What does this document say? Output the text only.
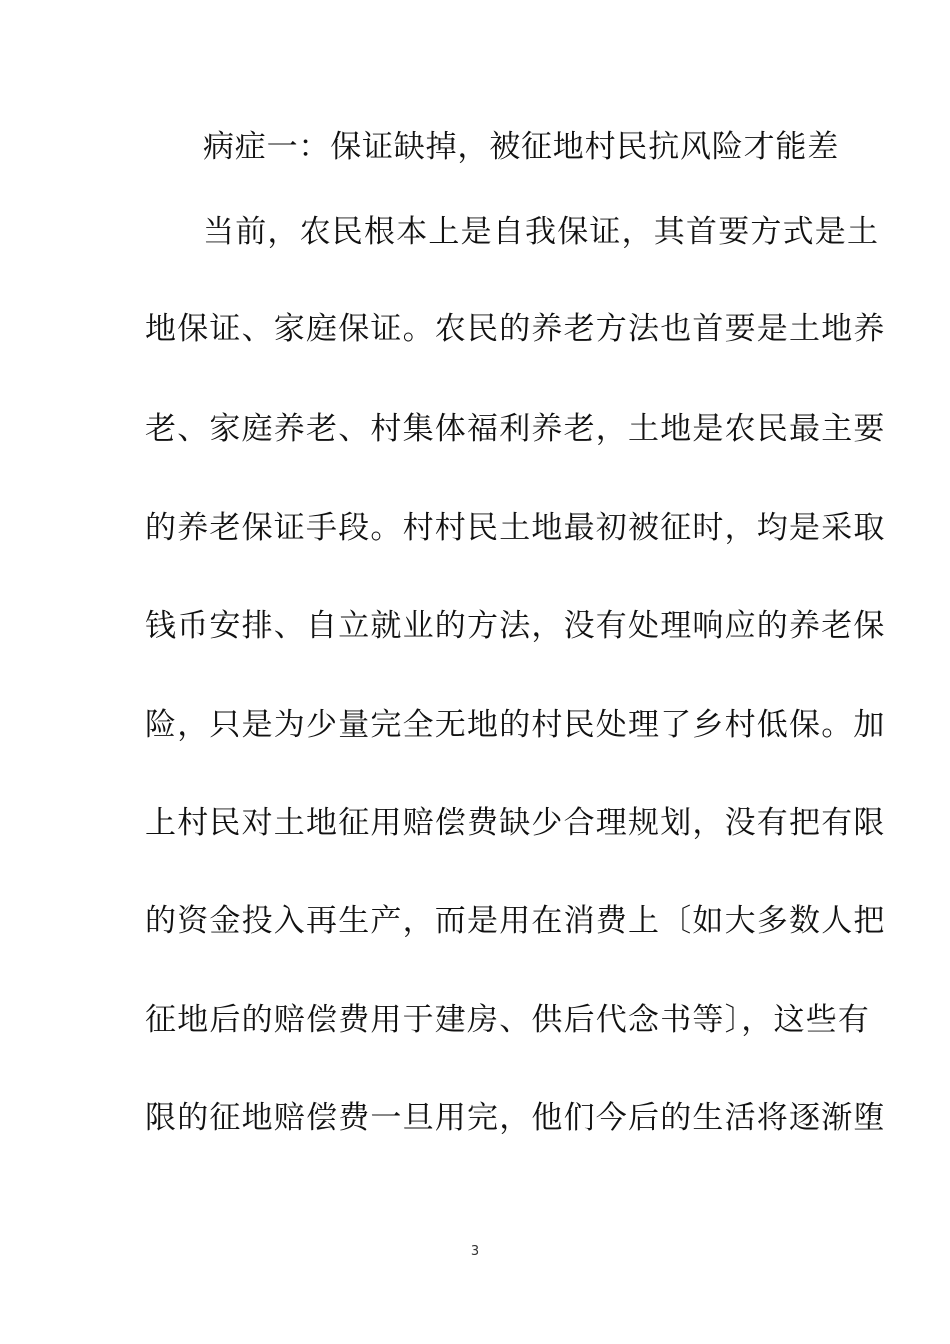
病症一：保证缺掉，被征地村民抗风险才能差
当前，农民根本上是自我保证，其首要方式是土
地保证、家庭保证。农民的养老方法也首要是土地养
老、家庭养老、村集体福利养老，土地是农民最主要
的养老保证手段。村村民土地最初被征时，均是采取
钱币安排、自立就业的方法，没有处理响应的养老保
险，只是为少量完全无地的村民处理了乡村低保。加
上村民对土地征用赔偿费缺少合理规划，没有把有限
的资金投入再生产，而是用在消费上〔如大多数人把
征地后的赔偿费用于建房、供后代念书等〕，这些有
限的征地赔偿费一旦用完，他们今后的生活将逐渐堕
3
